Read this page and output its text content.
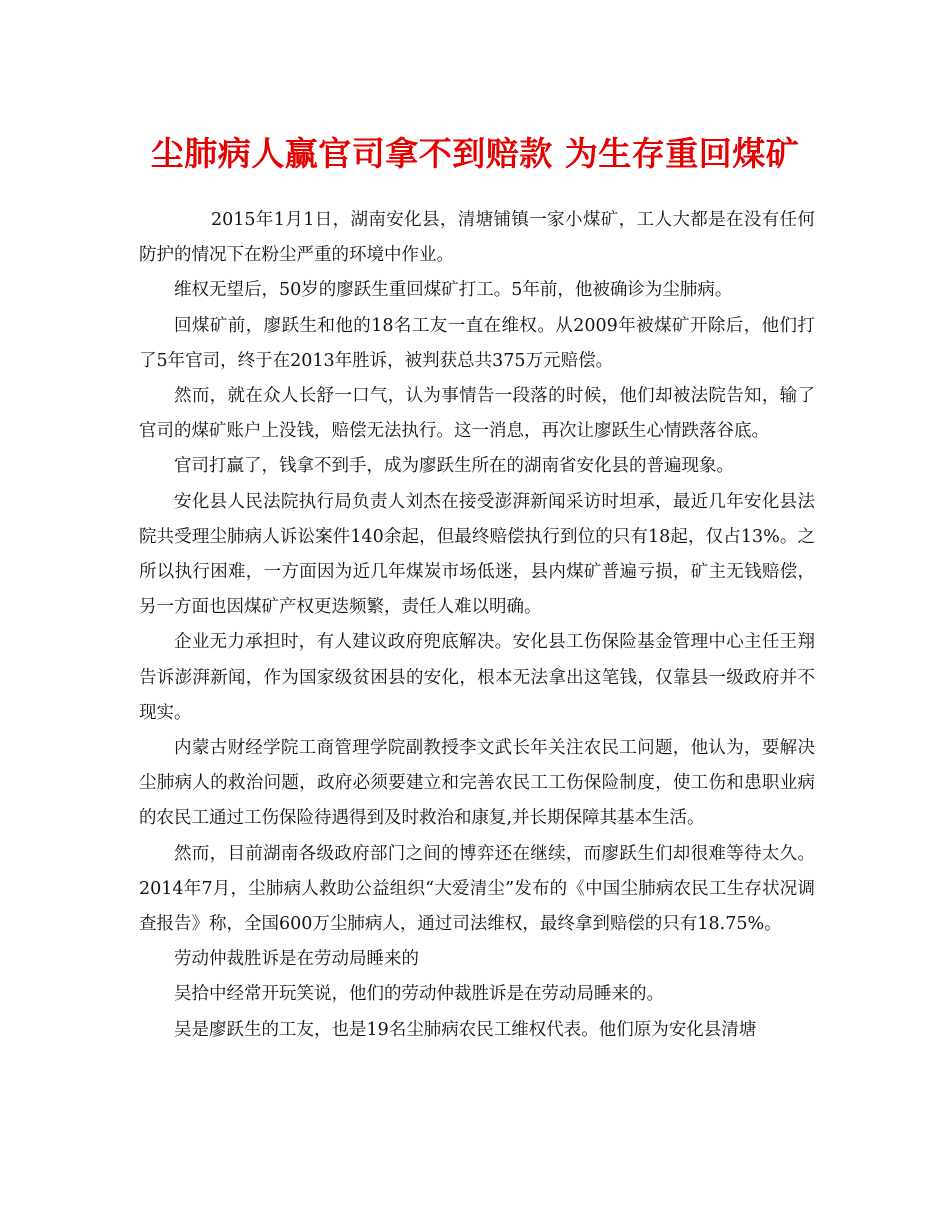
尘肺病人赢官司拿不到赔款 为生存重回煤矿

2015年1月1日，湖南安化县，清塘铺镇一家小煤矿，工人大都是在没有任何防护的情况下在粉尘严重的环境中作业。

维权无望后，50岁的廖跃生重回煤矿打工。5年前，他被确诊为尘肺病。

回煤矿前，廖跃生和他的18名工友一直在维权。从2009年被煤矿开除后，他们打了5年官司，终于在2013年胜诉，被判获总共375万元赔偿。

然而，就在众人长舒一口气，认为事情告一段落的时候，他们却被法院告知，输了官司的煤矿账户上没钱，赔偿无法执行。这一消息，再次让廖跃生心情跌落谷底。

官司打赢了，钱拿不到手，成为廖跃生所在的湖南省安化县的普遍现象。

安化县人民法院执行局负责人刘杰在接受澎湃新闻采访时坦承，最近几年安化县法院共受理尘肺病人诉讼案件140余起，但最终赔偿执行到位的只有18起，仅占13%。之所以执行困难，一方面因为近几年煤炭市场低迷，县内煤矿普遍亏损，矿主无钱赔偿，另一方面也因煤矿产权更迭频繁，责任人难以明确。

企业无力承担时，有人建议政府兜底解决。安化县工伤保险基金管理中心主任王翔告诉澎湃新闻，作为国家级贫困县的安化，根本无法拿出这笔钱，仅靠县一级政府并不现实。

内蒙古财经学院工商管理学院副教授李文武长年关注农民工问题，他认为，要解决尘肺病人的救治问题，政府必须要建立和完善农民工工伤保险制度，使工伤和患职业病的农民工通过工伤保险待遇得到及时救治和康复,并长期保障其基本生活。

然而，目前湖南各级政府部门之间的博弈还在继续，而廖跃生们却很难等待太久。2014年7月，尘肺病人救助公益组织“大爱清尘”发布的《中国尘肺病农民工生存状况调查报告》称，全国600万尘肺病人，通过司法维权，最终拿到赔偿的只有18.75%。

劳动仲裁胜诉是在劳动局睡来的

吴拾中经常开玩笑说，他们的劳动仲裁胜诉是在劳动局睡来的。

吴是廖跃生的工友，也是19名尘肺病农民工维权代表。他们原为安化县清塘
